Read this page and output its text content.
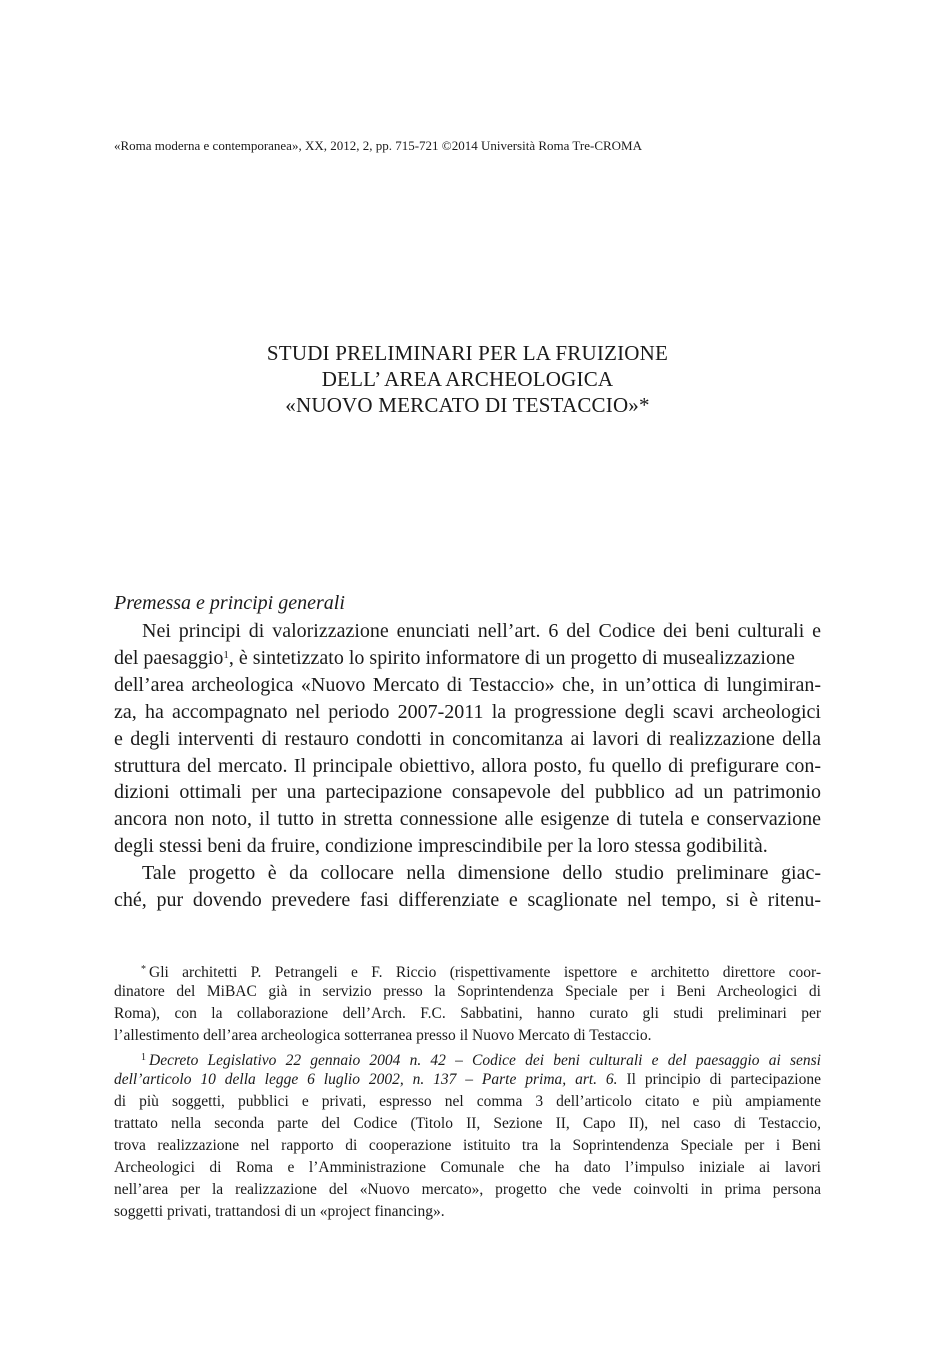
«Roma moderna e contemporanea», XX, 2012, 2, pp. 715-721 ©2014 Università Roma Tre-CROMA
STUDI PRELIMINARI PER LA FRUIZIONE
DELL’ AREA ARCHEOLOGICA
«NUOVO MERCATO DI TESTACCIO»*
Premessa e principi generali
Nei principi di valorizzazione enunciati nell’art. 6 del Codice dei beni culturali e
del paesaggio$^1$, è sintetizzato lo spirito informatore di un progetto di musealizzazione
dell’area archeologica «Nuovo Mercato di Testaccio» che, in un’ottica di lungimiran-
za, ha accompagnato nel periodo 2007-2011 la progressione degli scavi archeologici
e degli interventi di restauro condotti in concomitanza ai lavori di realizzazione della
struttura del mercato. Il principale obiettivo, allora posto, fu quello di prefigurare con-
dizioni ottimali per una partecipazione consapevole del pubblico ad un patrimonio
ancora non noto, il tutto in stretta connessione alle esigenze di tutela e conservazione
degli stessi beni da fruire, condizione imprescindibile per la loro stessa godibilità.
Tale progetto è da collocare nella dimensione dello studio preliminare giac-
ché, pur dovendo prevedere fasi differenziate e scaglionate nel tempo, si è ritenu-
* Gli architetti P. Petrangeli e F. Riccio (rispettivamente ispettore e architetto direttore coor-
dinatore del MiBAC già in servizio presso la Soprintendenza Speciale per i Beni Archeologici di
Roma), con la collaborazione dell’Arch. F.C. Sabbatini, hanno curato gli studi preliminari per
l’allestimento dell’area archeologica sotterranea presso il Nuovo Mercato di Testaccio.
$^1$ Decreto Legislativo 22 gennaio 2004 n. 42 – Codice dei beni culturali e del paesaggio ai sensi
dell’articolo 10 della legge 6 luglio 2002, n. 137 – Parte prima, art. 6. Il principio di partecipazione
di più soggetti, pubblici e privati, espresso nel comma 3 dell’articolo citato e più ampiamente
trattato nella seconda parte del Codice (Titolo II, Sezione II, Capo II), nel caso di Testaccio,
trova realizzazione nel rapporto di cooperazione istituito tra la Soprintendenza Speciale per i Beni
Archeologici di Roma e l’Amministrazione Comunale che ha dato l’impulso iniziale ai lavori
nell’area per la realizzazione del «Nuovo mercato», progetto che vede coinvolti in prima persona
soggetti privati, trattandosi di un «project financing».
